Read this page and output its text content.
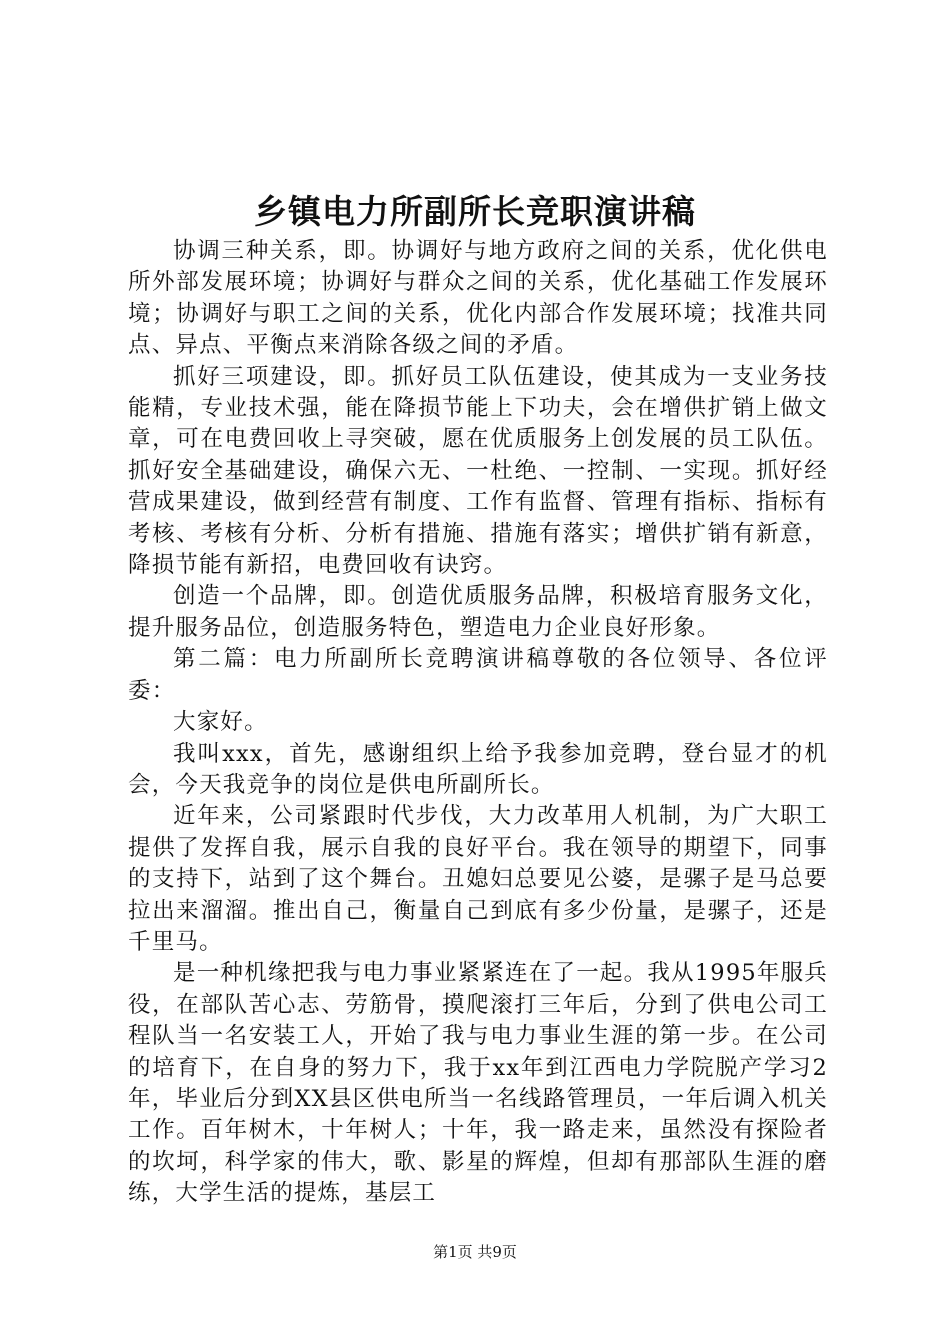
乡镇电力所副所长竞职演讲稿

协调三种关系，即。协调好与地方政府之间的关系，优化供电所外部发展环境；协调好与群众之间的关系，优化基础工作发展环境；协调好与职工之间的关系，优化内部合作发展环境；找准共同点、异点、平衡点来消除各级之间的矛盾。

抓好三项建设，即。抓好员工队伍建设，使其成为一支业务技能精，专业技术强，能在降损节能上下功夫，会在增供扩销上做文章，可在电费回收上寻突破，愿在优质服务上创发展的员工队伍。抓好安全基础建设，确保六无、一杜绝、一控制、一实现。抓好经营成果建设，做到经营有制度、工作有监督、管理有指标、指标有考核、考核有分析、分析有措施、措施有落实；增供扩销有新意，降损节能有新招，电费回收有诀窍。

创造一个品牌，即。创造优质服务品牌，积极培育服务文化，提升服务品位，创造服务特色，塑造电力企业良好形象。

第二篇：电力所副所长竞聘演讲稿尊敬的各位领导、各位评委：

大家好。

我叫xxx，首先，感谢组织上给予我参加竞聘，登台显才的机会，今天我竞争的岗位是供电所副所长。

近年来，公司紧跟时代步伐，大力改革用人机制，为广大职工提供了发挥自我，展示自我的良好平台。我在领导的期望下，同事的支持下，站到了这个舞台。丑媳妇总要见公婆，是骡子是马总要拉出来溜溜。推出自己，衡量自己到底有多少份量，是骡子，还是千里马。

是一种机缘把我与电力事业紧紧连在了一起。我从1995年服兵役，在部队苦心志、劳筋骨，摸爬滚打三年后，分到了供电公司工程队当一名安装工人，开始了我与电力事业生涯的第一步。在公司的培育下，在自身的努力下，我于xx年到江西电力学院脱产学习2年，毕业后分到XX县区供电所当一名线路管理员，一年后调入机关工作。百年树木，十年树人；十年，我一路走来，虽然没有探险者的坎坷，科学家的伟大，歌、影星的辉煌，但却有那部队生涯的磨练，大学生活的提炼，基层工

第1页 共9页
